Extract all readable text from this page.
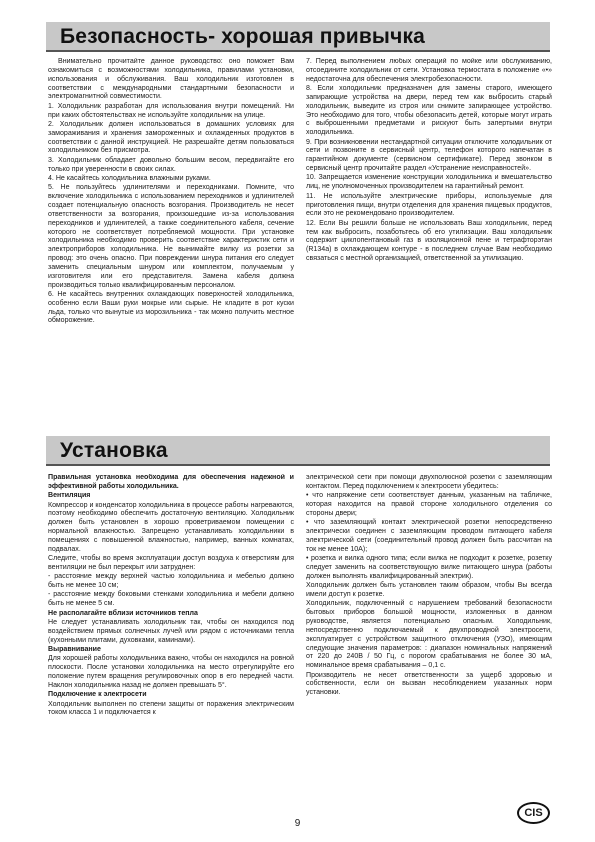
Безопасность- хорошая привычка

Внимательно прочитайте данное руководство: оно поможет Вам ознакомиться с возможностями холодильника, правилами установки, использования и обслуживания. Ваш холодильник изготовлен в соответствии с международными стандартными безопасности и электромагнитной совместимости.

1. Холодильник разработан для использования внутри помещений. Ни при каких обстоятельствах не используйте холодильник на улице.

2. Холодильник должен использоваться в домашних условиях для замораживания и хранения замороженных и охлажденных продуктов в соответствии с данной инструкцией. Не разрешайте детям пользоваться холодильником без присмотра.

3. Холодильник обладает довольно большим весом, передвигайте его только при уверенности в своих силах.

4. Не касайтесь холодильника влажными руками.

5. Не пользуйтесь удлинителями и переходниками. Помните, что включение холодильника с использованием переходников и удлинителей создает потенциальную опасность возгорания. Производитель не несет ответственности за возгорания, произошедшие из-за использования переходников и удлинителей, а также соединительного кабеля, сечение которого не соответствует потребляемой мощности. При установке холодильника необходимо проверить соответствие характеристик сети и электроприборов холодильника. Не вынимайте вилку из розетки за провод: это очень опасно. При повреждении шнура питания его следует заменить специальным шнуром или комплектом, получаемым у изготовителя или его представителя. Замена кабеля должна производиться только квалифицированным персоналом.

6. Не касайтесь внутренних охлаждающих поверхностей холодильника, особенно если Ваши руки мокрые или сырые. Не кладите в рот куски льда, только что вынутые из морозильника - так можно получить местное обморожение.

7. Перед выполнением любых операций по мойке или обслуживанию, отсоедините холодильник от сети. Установка термостата в положение «•» недостаточна для обеспечения электробезопасности.

8. Если холодильник предназначен для замены старого, имеющего запирающие устройства на двери, перед тем как выбросить старый холодильник, выведите из строя или снимите запирающее устройство. Это необходимо для того, чтобы обезопасить детей, которые могут играть с выброшенными предметами и рискуют быть запертыми внутри холодильника.

9. При возникновении нестандартной ситуации отключите холодильник от сети и позвоните в сервисный центр, телефон которого напечатан в гарантийном документе (сервисном сертификате). Перед звонком в сервисный центр прочитайте раздел «Устранение неисправностей».

10. Запрещается изменение конструкции холодильника и вмешательство лиц, не уполномоченных производителем на гарантийный ремонт.

11. Не используйте электрические приборы, используемые для приготовления пищи, внутри отделения для хранения пищевых продуктов, если это не рекомендовано производителем.

12. Если Вы решили больше не использовать Ваш холодильник, перед тем как выбросить, позаботьтесь об его утилизации. Ваш холодильник содержит циклопентановый газ в изоляционной пене и тетрафторэтан (R134a) в охлаждающем контуре - в последнем случае Вам необходимо связаться с местной организацией, ответственной за утилизацию.

Установка

Правильная установка необходима для обеспечения надежной и эффективной работы холодильника.

Вентиляция

Компрессор и конденсатор холодильника в процессе работы нагреваются, поэтому необходимо обеспечить достаточную вентиляцию. Холодильник должен быть установлен в хорошо проветриваемом помещении с нормальной влажностью. Запрещено устанавливать холодильники в помещениях с повышенной влажностью, например, ванных комнатах, подвалах.

Следите, чтобы во время эксплуатации доступ воздуха к отверстиям для вентиляции не был перекрыт или затруднен:

- расстояние между верхней частью холодильника и мебелью должно быть не менее 10 см;

- расстояние между боковыми стенками холодильника и мебели должно быть не менее 5 см.

Не располагайте вблизи источников тепла

Не следует устанавливать холодильник так, чтобы он находился под воздействием прямых солнечных лучей или рядом с источниками тепла (кухонными плитами, духовками, каминами).

Выравнивание

Для хорошей работы холодильника важно, чтобы он находился на ровной плоскости. После установки холодильника на место отрегулируйте его положение путем вращения регулировочных опор в его передней части. Наклон холодильника назад не должен превышать 5°.

Подключение к электросети

Холодильник выполнен по степени защиты от поражения электрическим током класса 1 и подключается к

электрической сети при помощи двухполюсной розетки с заземляющим контактом. Перед подключением к электросети убедитесь:

• что напряжение сети соответствует данным, указанным на табличке, которая находится на правой стороне холодильного отделения со стороны двери;

• что заземляющий контакт электрической розетки непосредственно электрически соединен с заземляющим проводом питающего кабеля электрической сети (соединительный провод должен быть рассчитан на ток не менее 10А);

• розетка и вилка одного типа; если вилка не подходит к розетке, розетку следует заменить на соответствующую вилке питающего шнура (работы должен выполнять квалифицированный электрик).

Холодильник должен быть установлен таким образом, чтобы Вы всегда имели доступ к розетке.

Холодильник, подключенный с нарушением требований безопасности бытовых приборов большой мощности, изложенных в данном руководстве, является потенциально опасным. Холодильник, непосредственно подключаемый к двухпроводной электросети, эксплуатирует с устройством защитного отключения (УЗО), имеющим следующие значения параметров: : диапазон номинальных напряжений от 220 до 240В / 50 Гц, с порогом срабатывания не более 30 мА, номинальное время срабатывания – 0,1 с.

Производитель не несет ответственности за ущерб здоровью и собственности, если он вызван несоблюдением указанных норм установки.

9
CIS
